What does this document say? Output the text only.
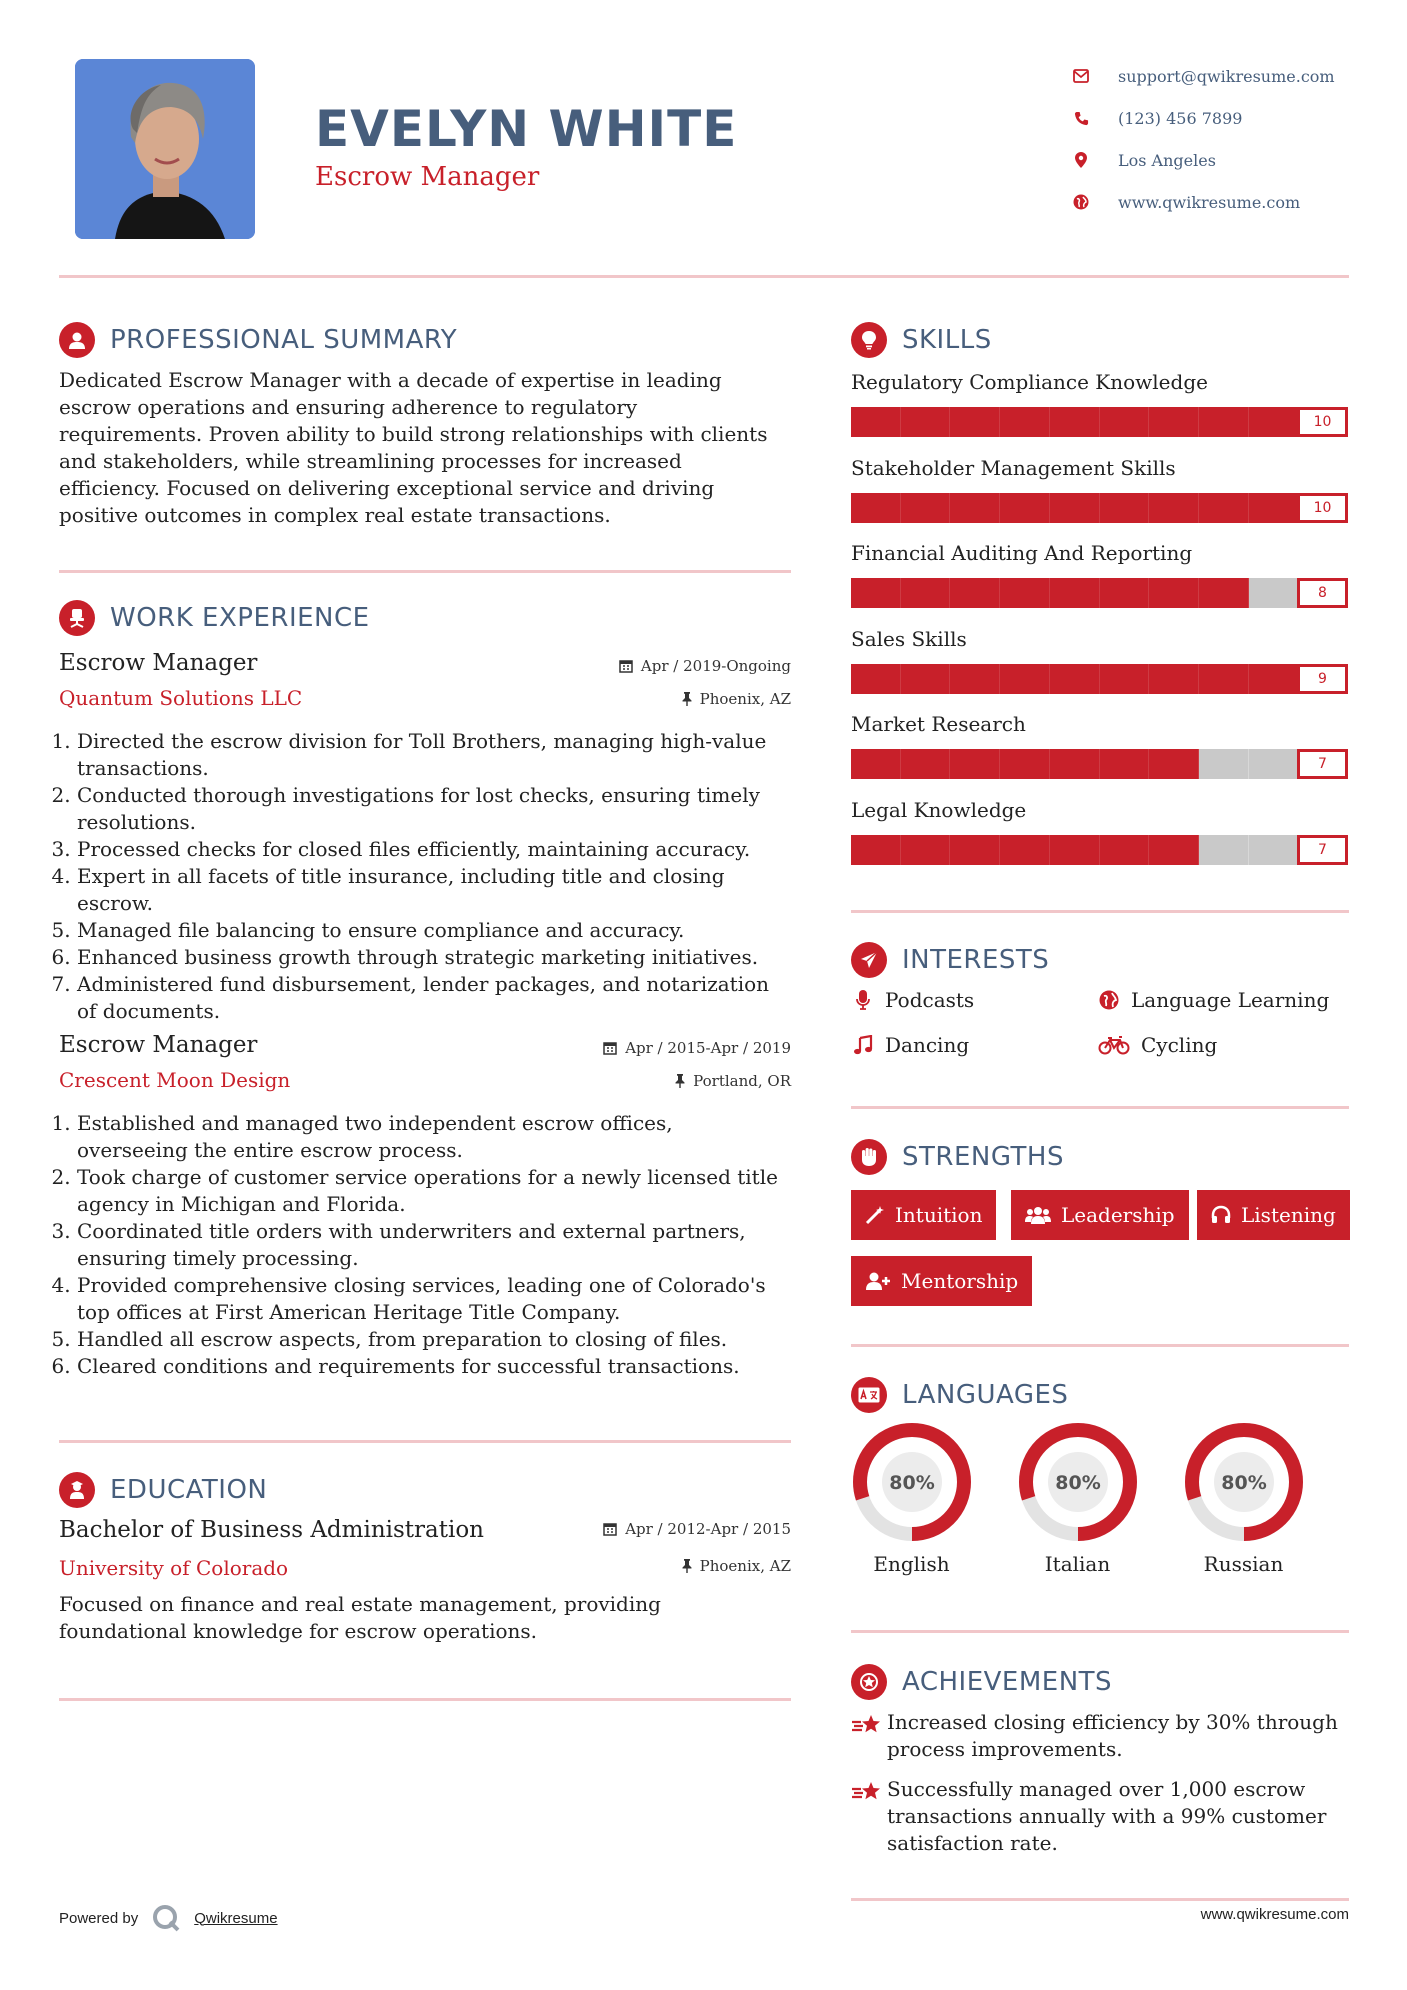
EVELYN WHITE
Escrow Manager
support@qwikresume.com
(123) 456 7899
Los Angeles
www.qwikresume.com
PROFESSIONAL SUMMARY
Dedicated Escrow Manager with a decade of expertise in leading escrow operations and ensuring adherence to regulatory requirements. Proven ability to build strong relationships with clients and stakeholders, while streamlining processes for increased efficiency. Focused on delivering exceptional service and driving positive outcomes in complex real estate transactions.
WORK EXPERIENCE
Escrow Manager
Quantum Solutions LLC
Apr / 2019-Ongoing
Phoenix, AZ
1. Directed the escrow division for Toll Brothers, managing high-value transactions.
2. Conducted thorough investigations for lost checks, ensuring timely resolutions.
3. Processed checks for closed files efficiently, maintaining accuracy.
4. Expert in all facets of title insurance, including title and closing escrow.
5. Managed file balancing to ensure compliance and accuracy.
6. Enhanced business growth through strategic marketing initiatives.
7. Administered fund disbursement, lender packages, and notarization of documents.
Escrow Manager
Crescent Moon Design
Apr / 2015-Apr / 2019
Portland, OR
1. Established and managed two independent escrow offices, overseeing the entire escrow process.
2. Took charge of customer service operations for a newly licensed title agency in Michigan and Florida.
3. Coordinated title orders with underwriters and external partners, ensuring timely processing.
4. Provided comprehensive closing services, leading one of Colorado's top offices at First American Heritage Title Company.
5. Handled all escrow aspects, from preparation to closing of files.
6. Cleared conditions and requirements for successful transactions.
EDUCATION
Bachelor of Business Administration
University of Colorado
Apr / 2012-Apr / 2015
Phoenix, AZ
Focused on finance and real estate management, providing foundational knowledge for escrow operations.
SKILLS
Regulatory Compliance Knowledge
10
Stakeholder Management Skills
10
Financial Auditing And Reporting
8
Sales Skills
9
Market Research
7
Legal Knowledge
7
INTERESTS
Podcasts	Language Learning
Dancing	Cycling
STRENGTHS
Intuition	Leadership	Listening
Mentorship
LANGUAGES
80%
English
80%
Italian
80%
Russian
ACHIEVEMENTS
Increased closing efficiency by 30% through process improvements.
Successfully managed over 1,000 escrow transactions annually with a 99% customer satisfaction rate.
Powered by	Qwikresume	www.qwikresume.com
